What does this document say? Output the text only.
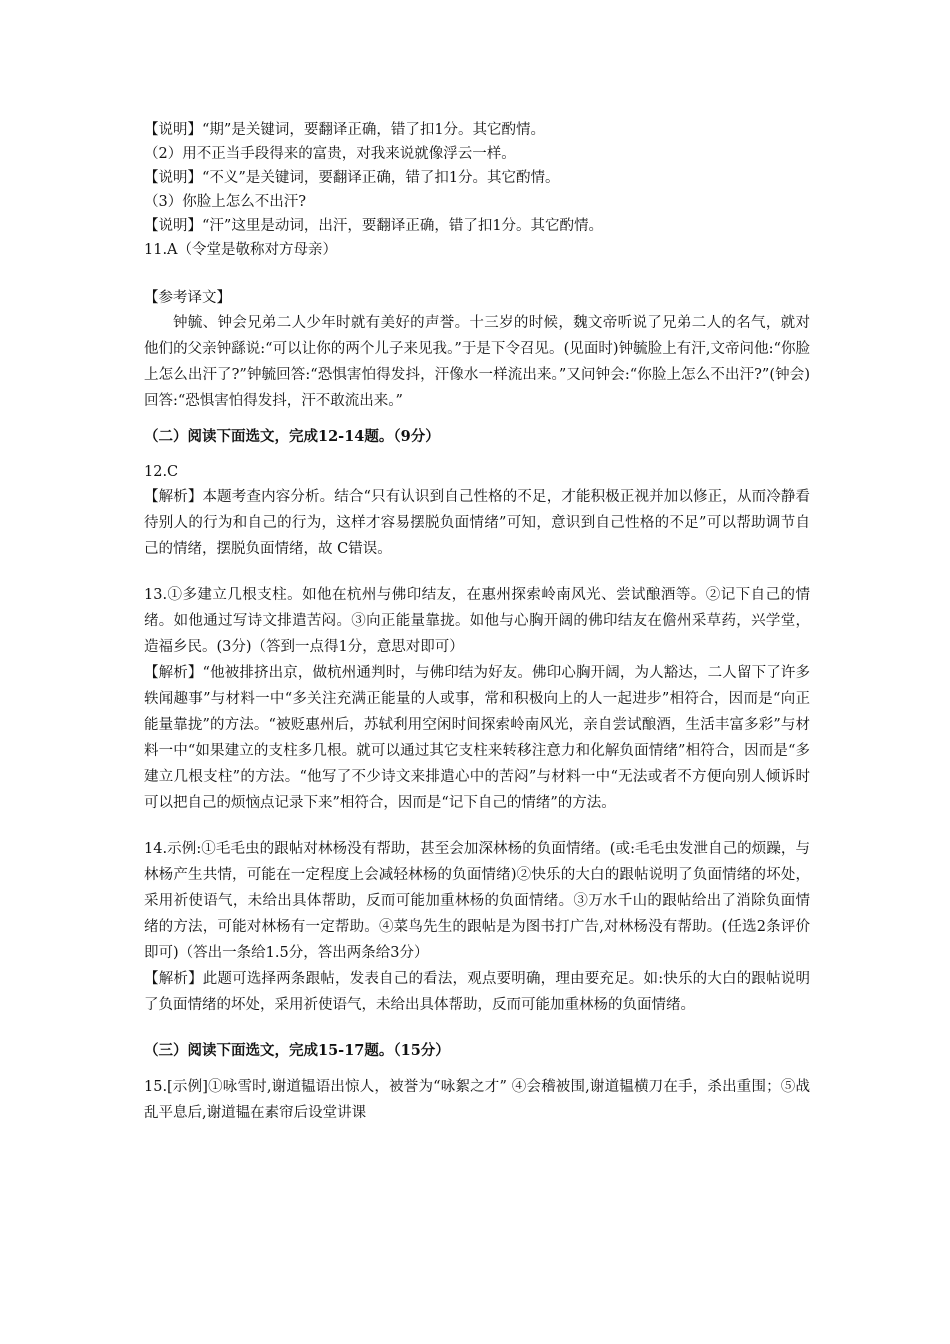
【说明】“期”是关键词，要翻译正确，错了扣1分。其它酌情。

（2）用不正当手段得来的富贵，对我来说就像浮云一样。

【说明】“不义”是关键词，要翻译正确，错了扣1分。其它酌情。

（3）你脸上怎么不出汗?

【说明】“汗”这里是动词，出汗，要翻译正确，错了扣1分。其它酌情。

11.A（令堂是敬称对方母亲）

【参考译文】

钟毓、钟会兄弟二人少年时就有美好的声誉。十三岁的时候，魏文帝听说了兄弟二人的名气，就对他们的父亲钟繇说:“可以让你的两个儿子来见我。”于是下令召见。(见面时)钟毓脸上有汗,文帝问他:“你脸上怎么出汗了?”钟毓回答:“恐惧害怕得发抖，汗像水一样流出来。”又问钟会:“你脸上怎么不出汗?”(钟会)回答:“恐惧害怕得发抖，汗不敢流出来。”

（二）阅读下面选文，完成12-14题。（9分）

12.C

【解析】本题考查内容分析。结合“只有认识到自己性格的不足，才能积极正视并加以修正，从而冷静看待别人的行为和自己的行为，这样才容易摆脱负面情绪”可知，意识到自己性格的不足”可以帮助调节自己的情绪，摆脱负面情绪，故 C错误。

13.①多建立几根支柱。如他在杭州与佛印结友，在惠州探索岭南风光、尝试酿酒等。②记下自己的情绪。如他通过写诗文排遣苦闷。③向正能量靠拢。如他与心胸开阔的佛印结友在儋州采草药，兴学堂，造福乡民。(3分)（答到一点得1分，意思对即可）

【解析】“他被排挤出京，做杭州通判时，与佛印结为好友。佛印心胸开阔，为人豁达，二人留下了许多轶闻趣事”与材料一中“多关注充满正能量的人或事，常和积极向上的人一起进步”相符合，因而是“向正能量靠拢”的方法。“被贬惠州后，苏轼利用空闲时间探索岭南风光，亲自尝试酿酒，生活丰富多彩”与材料一中“如果建立的支柱多几根。就可以通过其它支柱来转移注意力和化解负面情绪”相符合，因而是“多建立几根支柱”的方法。“他写了不少诗文来排遣心中的苦闷”与材料一中“无法或者不方便向别人倾诉时可以把自己的烦恼点记录下来”相符合，因而是“记下自己的情绪”的方法。

14.示例:①毛毛虫的跟帖对林杨没有帮助，甚至会加深林杨的负面情绪。(或:毛毛虫发泄自己的烦躁，与林杨产生共情，可能在一定程度上会减轻林杨的负面情绪)②快乐的大白的跟帖说明了负面情绪的坏处，采用祈使语气，未给出具体帮助，反而可能加重林杨的负面情绪。③万水千山的跟帖给出了消除负面情绪的方法，可能对林杨有一定帮助。④菜鸟先生的跟帖是为图书打广告,对林杨没有帮助。(任选2条评价即可)（答出一条给1.5分，答出两条给3分）

【解析】此题可选择两条跟帖，发表自己的看法，观点要明确，理由要充足。如:快乐的大白的跟帖说明了负面情绪的坏处，采用祈使语气，未给出具体帮助，反而可能加重林杨的负面情绪。

（三）阅读下面选文，完成15-17题。（15分）

15.[示例]①咏雪时,谢道韫语出惊人，被誉为“咏絮之才” ④会稽被围,谢道韫横刀在手，杀出重围；⑤战乱平息后,谢道韫在素帘后设堂讲课
